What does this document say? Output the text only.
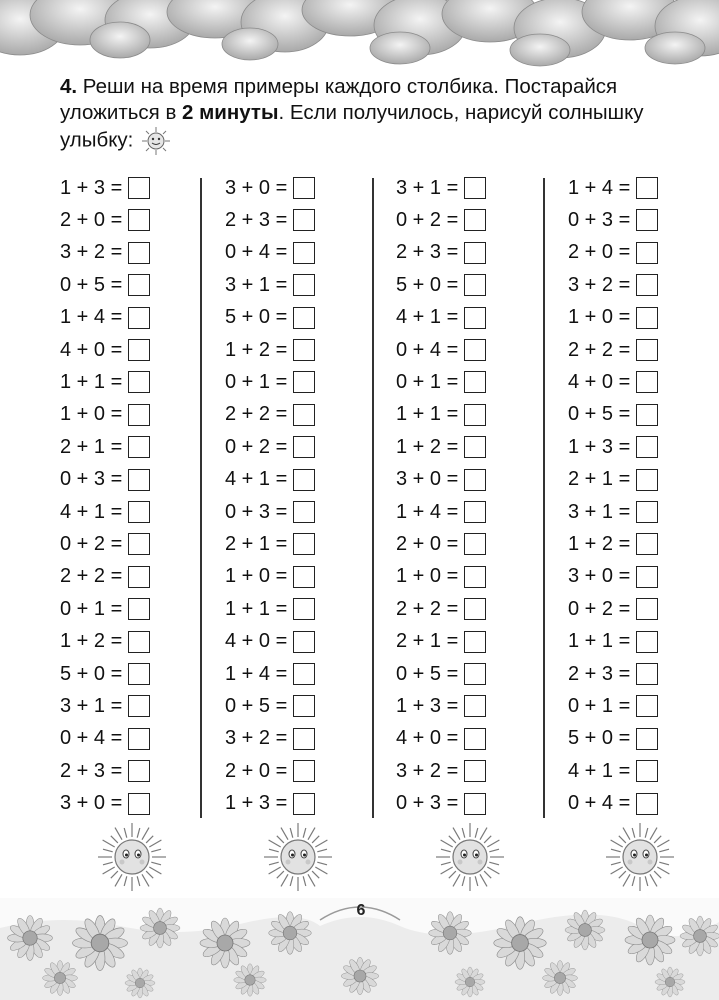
4. Реши на время примеры каждого столбика. Постарайся уложиться в 2 минуты. Если получилось, нарисуй солнышку улыбку:
1 + 3 =
2 + 0 =
3 + 2 =
0 + 5 =
1 + 4 =
4 + 0 =
1 + 1 =
1 + 0 =
2 + 1 =
0 + 3 =
4 + 1 =
0 + 2 =
2 + 2 =
0 + 1 =
1 + 2 =
5 + 0 =
3 + 1 =
0 + 4 =
2 + 3 =
3 + 0 =
3 + 0 =
2 + 3 =
0 + 4 =
3 + 1 =
5 + 0 =
1 + 2 =
0 + 1 =
2 + 2 =
0 + 2 =
4 + 1 =
0 + 3 =
2 + 1 =
1 + 0 =
1 + 1 =
4 + 0 =
1 + 4 =
0 + 5 =
3 + 2 =
2 + 0 =
1 + 3 =
3 + 1 =
0 + 2 =
2 + 3 =
5 + 0 =
4 + 1 =
0 + 4 =
0 + 1 =
1 + 1 =
1 + 2 =
3 + 0 =
1 + 4 =
2 + 0 =
1 + 0 =
2 + 2 =
2 + 1 =
0 + 5 =
1 + 3 =
4 + 0 =
3 + 2 =
0 + 3 =
1 + 4 =
0 + 3 =
2 + 0 =
3 + 2 =
1 + 0 =
2 + 2 =
4 + 0 =
0 + 5 =
1 + 3 =
2 + 1 =
3 + 1 =
1 + 2 =
3 + 0 =
0 + 2 =
1 + 1 =
2 + 3 =
0 + 1 =
5 + 0 =
4 + 1 =
0 + 4 =
6
